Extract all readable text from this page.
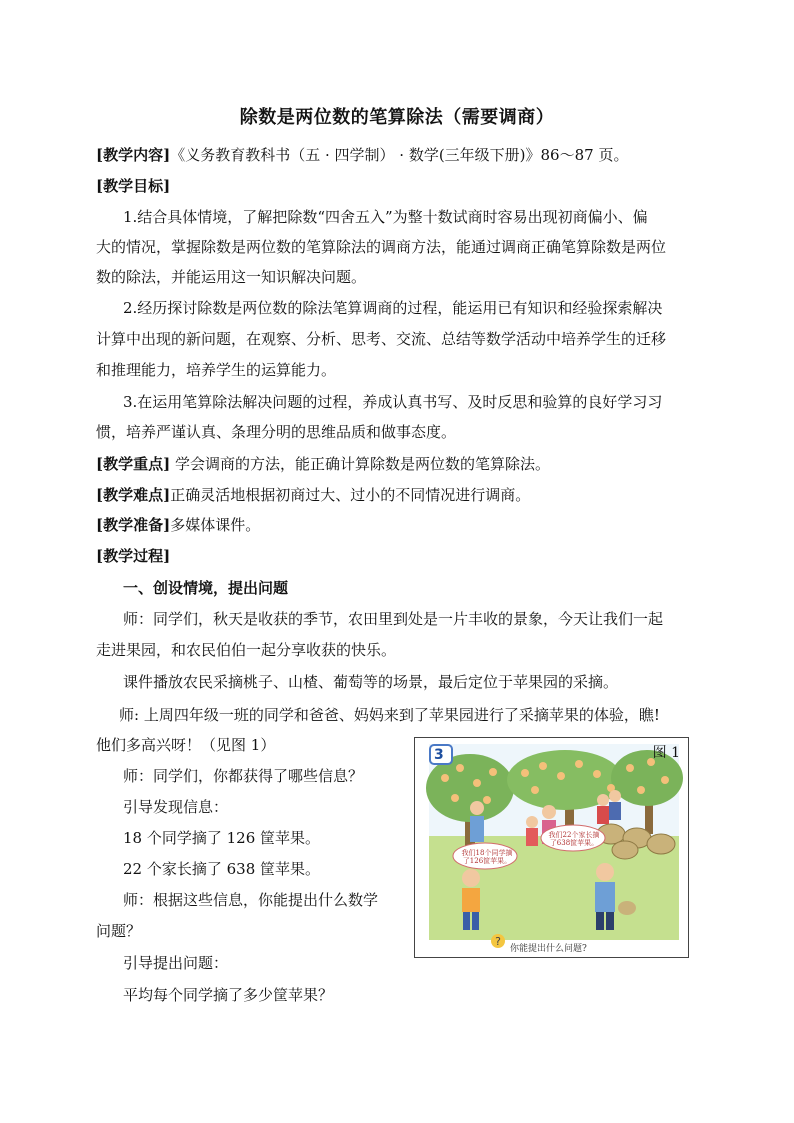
除数是两位数的笔算除法（需要调商）
[教学内容]《义务教育教科书（五 · 四学制） · 数学(三年级下册)》86～87 页。
[教学目标]
1.结合具体情境，了解把除数“四舍五入”为整十数试商时容易出现初商偏小、偏
大的情况，掌握除数是两位数的笔算除法的调商方法，能通过调商正确笔算除数是两位
数的除法，并能运用这一知识解决问题。
2.经历探讨除数是两位数的除法笔算调商的过程，能运用已有知识和经验探索解决
计算中出现的新问题，在观察、分析、思考、交流、总结等数学活动中培养学生的迁移
和推理能力，培养学生的运算能力。
3.在运用笔算除法解决问题的过程，养成认真书写、及时反思和验算的良好学习习
惯，培养严谨认真、条理分明的思维品质和做事态度。
[教学重点] 学会调商的方法，能正确计算除数是两位数的笔算除法。
[教学难点]正确灵活地根据初商过大、过小的不同情况进行调商。
[教学准备]多媒体课件。
[教学过程]
一、创设情境，提出问题
师：同学们，秋天是收获的季节，农田里到处是一片丰收的景象，今天让我们一起
走进果园，和农民伯伯一起分享收获的快乐。
课件播放农民采摘桃子、山楂、葡萄等的场景，最后定位于苹果园的采摘。
师: 上周四年级一班的同学和爸爸、妈妈来到了苹果园进行了采摘苹果的体验，瞧!
他们多高兴呀！（见图 1）
师：同学们，你都获得了哪些信息？
引导发现信息：
18 个同学摘了 126 筐苹果。
22 个家长摘了 638 筐苹果。
师：根据这些信息，你能提出什么数学
问题？
引导提出问题：
平均每个同学摘了多少筐苹果？
?
3	图 1
我们18个同学摘
了126筐苹果。
我们22个家长摘
了638筐苹果。
你能提出什么问题?
